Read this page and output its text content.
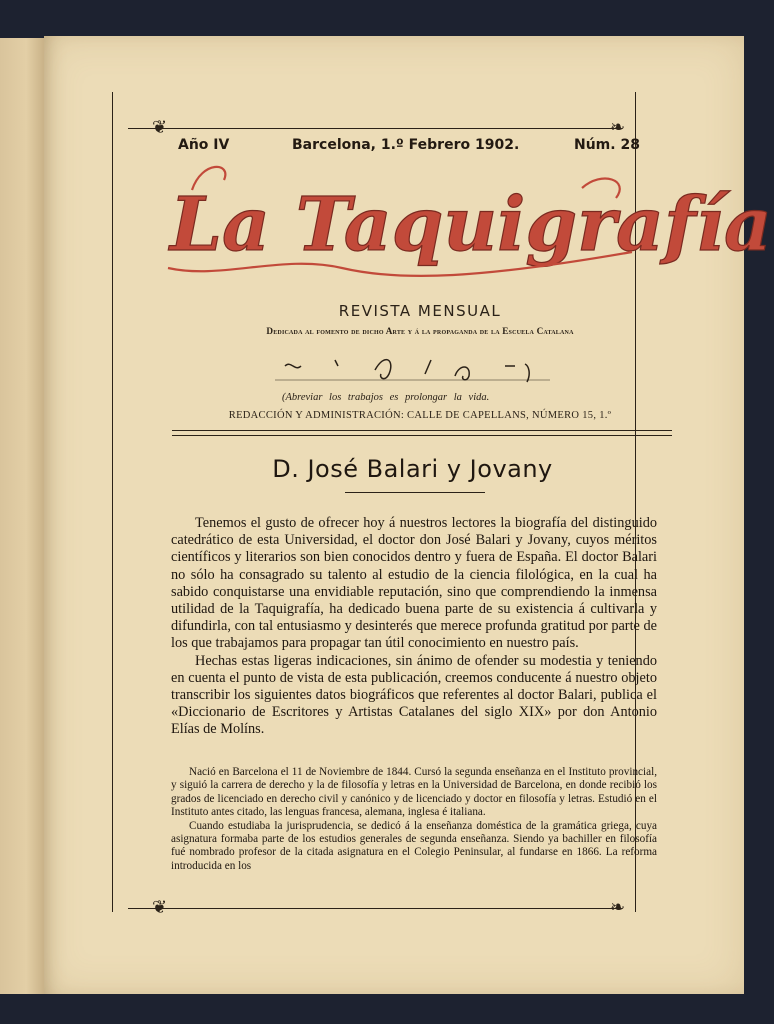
❦	❧
❦	❧
Año IV	Barcelona, 1.º Febrero 1902.	Núm. 28
La Taquigrafía
REVISTA MENSUAL
Dedicada al fomento de dicho Arte y á la propaganda de la Escuela Catalana
(Abreviar los trabajos es prolongar la vida.
REDACCIÓN Y ADMINISTRACIÓN: CALLE DE CAPELLANS, NÚMERO 15, 1.º
D. José Balari y Jovany

Tenemos el gusto de ofrecer hoy á nuestros lectores la biografía del distinguido catedrático de esta Universidad, el doctor don José Balari y Jovany, cuyos méritos científicos y literarios son bien conocidos dentro y fuera de España. El doctor Balari no sólo ha consagrado su talento al estudio de la ciencia filológica, en la cual ha sabido conquistarse una envidiable reputación, sino que comprendiendo la inmensa utilidad de la Taquigrafía, ha dedicado buena parte de su existencia á cultivarla y difundirla, con tal entusiasmo y desinterés que merece profunda gratitud por parte de los que trabajamos para propagar tan útil conocimiento en nuestro país.

Hechas estas ligeras indicaciones, sin ánimo de ofender su modestia y teniendo en cuenta el punto de vista de esta publicación, creemos conducente á nuestro objeto transcribir los siguientes datos biográficos que referentes al doctor Balari, publica el «Diccionario de Escritores y Artistas Catalanes del siglo XIX» por don Antonio Elías de Molíns.

Nació en Barcelona el 11 de Noviembre de 1844. Cursó la segunda enseñanza en el Instituto provincial, y siguió la carrera de derecho y la de filosofía y letras en la Universidad de Barcelona, en donde recibió los grados de licenciado en derecho civil y canónico y de licenciado y doctor en filosofía y letras. Estudió en el Instituto antes citado, las lenguas francesa, alemana, inglesa é italiana.

Cuando estudiaba la jurisprudencia, se dedicó á la enseñanza doméstica de la gramática griega, cuya asignatura formaba parte de los estudios generales de segunda enseñanza. Siendo ya bachiller en filosofía fué nombrado profesor de la citada asignatura en el Colegio Peninsular, al fundarse en 1866. La reforma introducida en los
